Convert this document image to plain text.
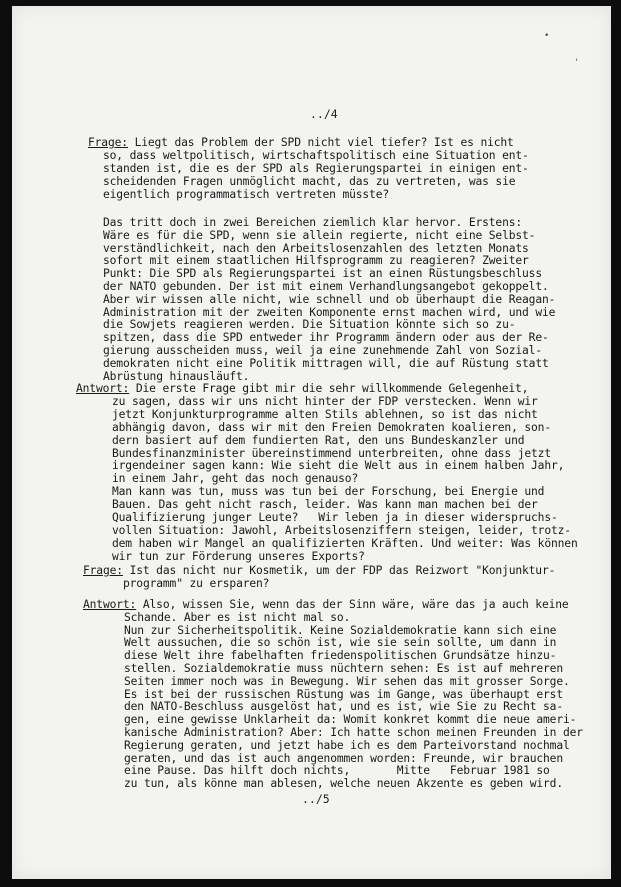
•
'
../4
Frage: Liegt das Problem der SPD nicht viel tiefer? Ist es nicht
so, dass weltpolitisch, wirtschaftspolitisch eine Situation ent-
standen ist, die es der SPD als Regierungspartei in einigen ent-
scheidenden Fragen unmöglicht macht, das zu vertreten, was sie
eigentlich programmatisch vertreten müsste?
Das tritt doch in zwei Bereichen ziemlich klar hervor. Erstens:
Wäre es für die SPD, wenn sie allein regierte, nicht eine Selbst-
verständlichkeit, nach den Arbeitslosenzahlen des letzten Monats
sofort mit einem staatlichen Hilfsprogramm zu reagieren? Zweiter
Punkt: Die SPD als Regierungspartei ist an einen Rüstungsbeschluss
der NATO gebunden. Der ist mit einem Verhandlungsangebot gekoppelt.
Aber wir wissen alle nicht, wie schnell und ob überhaupt die Reagan-
Administration mit der zweiten Komponente ernst machen wird, und wie
die Sowjets reagieren werden. Die Situation könnte sich so zu-
spitzen, dass die SPD entweder ihr Programm ändern oder aus der Re-
gierung ausscheiden muss, weil ja eine zunehmende Zahl von Sozial-
demokraten nicht eine Politik mittragen will, die auf Rüstung statt
Abrüstung hinausläuft.
Antwort: Die erste Frage gibt mir die sehr willkommende Gelegenheit,
zu sagen, dass wir uns nicht hinter der FDP verstecken. Wenn wir
jetzt Konjunkturprogramme alten Stils ablehnen, so ist das nicht
abhängig davon, dass wir mit den Freien Demokraten koalieren, son-
dern basiert auf dem fundierten Rat, den uns Bundeskanzler und
Bundesfinanzminister übereinstimmend unterbreiten, ohne dass jetzt
irgendeiner sagen kann: Wie sieht die Welt aus in einem halben Jahr,
in einem Jahr, geht das noch genauso?
Man kann was tun, muss was tun bei der Forschung, bei Energie und
Bauen. Das geht nicht rasch, leider. Was kann man machen bei der
Qualifizierung junger Leute?   Wir leben ja in dieser widerspruchs-
vollen Situation: Jawohl, Arbeitslosenziffern steigen, leider, trotz-
dem haben wir Mangel an qualifizierten Kräften. Und weiter: Was können
wir tun zur Förderung unseres Exports?
Frage: Ist das nicht nur Kosmetik, um der FDP das Reizwort "Konjunktur-
programm" zu ersparen?
Antwort: Also, wissen Sie, wenn das der Sinn wäre, wäre das ja auch keine
Schande. Aber es ist nicht mal so.
Nun zur Sicherheitspolitik. Keine Sozialdemokratie kann sich eine
Welt aussuchen, die so schön ist, wie sie sein sollte, um dann in
diese Welt ihre fabelhaften friedenspolitischen Grundsätze hinzu-
stellen. Sozialdemokratie muss nüchtern sehen: Es ist auf mehreren
Seiten immer noch was in Bewegung. Wir sehen das mit grosser Sorge.
Es ist bei der russischen Rüstung was im Gange, was überhaupt erst
den NATO-Beschluss ausgelöst hat, und es ist, wie Sie zu Recht sa-
gen, eine gewisse Unklarheit da: Womit konkret kommt die neue ameri-
kanische Administration? Aber: Ich hatte schon meinen Freunden in der
Regierung geraten, und jetzt habe ich es dem Parteivorstand nochmal
geraten, und das ist auch angenommen worden: Freunde, wir brauchen
eine Pause. Das hilft doch nichts,       Mitte   Februar 1981 so
zu tun, als könne man ablesen, welche neuen Akzente es geben wird.
../5
